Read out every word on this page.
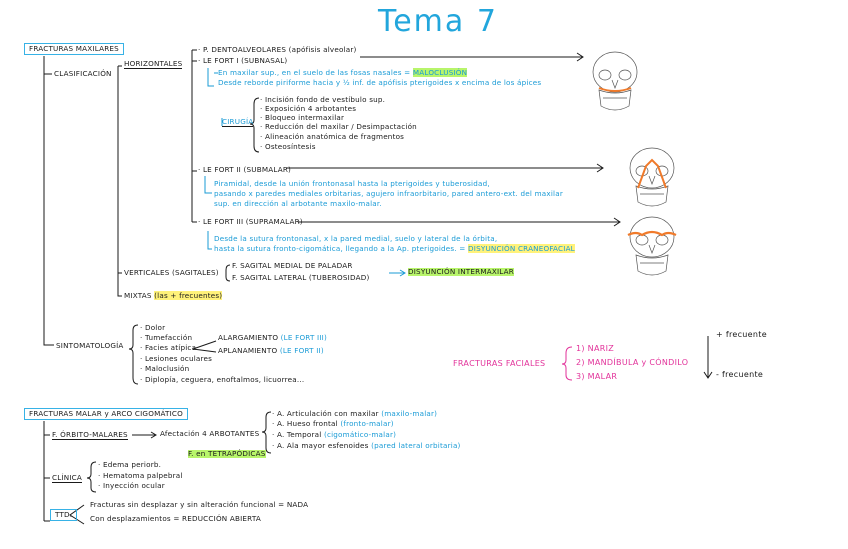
Tema 7
FRACTURAS MAXILARES
CLASIFICACIÓN
HORIZONTALES
· P. DENTOALVEOLARES (apófisis alveolar)
· LE FORT I (SUBNASAL)
En maxilar sup., en el suelo de las fosas nasales = MALOCLUSIÓN
Desde reborde piriforme hacia y ½ inf. de apófisis pterigoides x encima de los ápices
CIRUGÍA
· Incisión fondo de vestíbulo sup.
· Exposición 4 arbotantes
· Bloqueo intermaxilar
· Reducción del maxilar / Desimpactación
· Alineación anatómica de fragmentos
· Osteosíntesis
· LE FORT II (SUBMALAR)
Piramidal, desde la unión frontonasal hasta la pterigoides y tuberosidad,
pasando x paredes mediales orbitarias, agujero infraorbitario, pared antero-ext. del maxilar
sup. en dirección al arbotante maxilo-malar.
· LE FORT III (SUPRAMALAR)
Desde la sutura frontonasal, x la pared medial, suelo y lateral de la órbita,
hasta la sutura fronto-cigomática, llegando a la Ap. pterigoides. = DISYUNCIÓN CRANEOFACIAL
VERTICALES (SAGITALES)
F. SAGITAL MEDIAL DE PALADAR
F. SAGITAL LATERAL (TUBEROSIDAD)
DISYUNCIÓN INTERMAXILAR
MIXTAS (las + frecuentes)
SINTOMATOLOGÍA
· Dolor
· Tumefacción
· Facies atípica
· Lesiones oculares
· Maloclusión
· Diplopía, ceguera, enoftalmos, licuorrea...
ALARGAMIENTO (LE FORT III)
APLANAMIENTO (LE FORT II)
FRACTURAS FACIALES
1) NARIZ
2) MANDÍBULA y CÓNDILO
3) MALAR
+ frecuente
- frecuente
FRACTURAS MALAR y ARCO CIGOMÁTICO
F. ÓRBITO-MALARES	Afectación 4 ARBOTANTES
F. en TETRAPÓDICAS
· A. Articulación con maxilar (maxilo-malar)
· A. Hueso frontal (fronto-malar)
· A. Temporal (cigomático-malar)
· A. Ala mayor esfenoides (pared lateral orbitaria)
CLÍNICA
· Edema periorb.
· Hematoma palpebral
· Inyección ocular
TTD.
Fracturas sin desplazar y sin alteración funcional = NADA
Con desplazamientos = REDUCCIÓN ABIERTA
